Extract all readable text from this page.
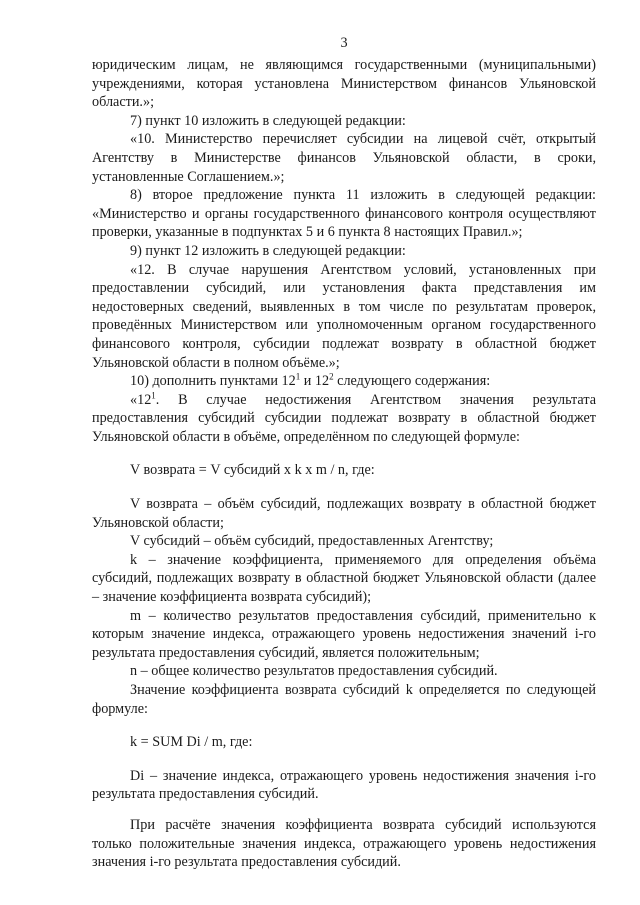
3

юридическим лицам, не являющимся государственными (муниципальными) учреждениями, которая установлена Министерством финансов Ульяновской области.»;

7) пункт 10 изложить в следующей редакции:

«10. Министерство перечисляет субсидии на лицевой счёт, открытый Агентству в Министерстве финансов Ульяновской области, в сроки, установленные Соглашением.»;

8) второе предложение пункта 11 изложить в следующей редакции: «Министерство и органы государственного финансового контроля осуществляют проверки, указанные в подпунктах 5 и 6 пункта 8 настоящих Правил.»;

9) пункт 12 изложить в следующей редакции:

«12. В случае нарушения Агентством условий, установленных при предоставлении субсидий, или установления факта представления им недостоверных сведений, выявленных в том числе по результатам проверок, проведённых Министерством или уполномоченным органом государственного финансового контроля, субсидии подлежат возврату в областной бюджет Ульяновской области в полном объёме.»;

10) дополнить пунктами $12^1$ и $12^2$ следующего содержания:

«$12^1$. В случае недостижения Агентством значения результата предоставления субсидий субсидии подлежат возврату в областной бюджет Ульяновской области в объёме, определённом по следующей формуле:

V возврата = V субсидий x k x m / n, где:

V возврата – объём субсидий, подлежащих возврату в областной бюджет Ульяновской области;

V субсидий – объём субсидий, предоставленных Агентству;

k – значение коэффициента, применяемого для определения объёма субсидий, подлежащих возврату в областной бюджет Ульяновской области (далее – значение коэффициента возврата субсидий);

m – количество результатов предоставления субсидий, применительно к которым значение индекса, отражающего уровень недостижения значений i-го результата предоставления субсидий, является положительным;

n – общее количество результатов предоставления субсидий.

Значение коэффициента возврата субсидий k определяется по следующей формуле:

k = SUM Di / m, где:

Di – значение индекса, отражающего уровень недостижения значения i-го результата предоставления субсидий.

При расчёте значения коэффициента возврата субсидий используются только положительные значения индекса, отражающего уровень недостижения значения i-го результата предоставления субсидий.
